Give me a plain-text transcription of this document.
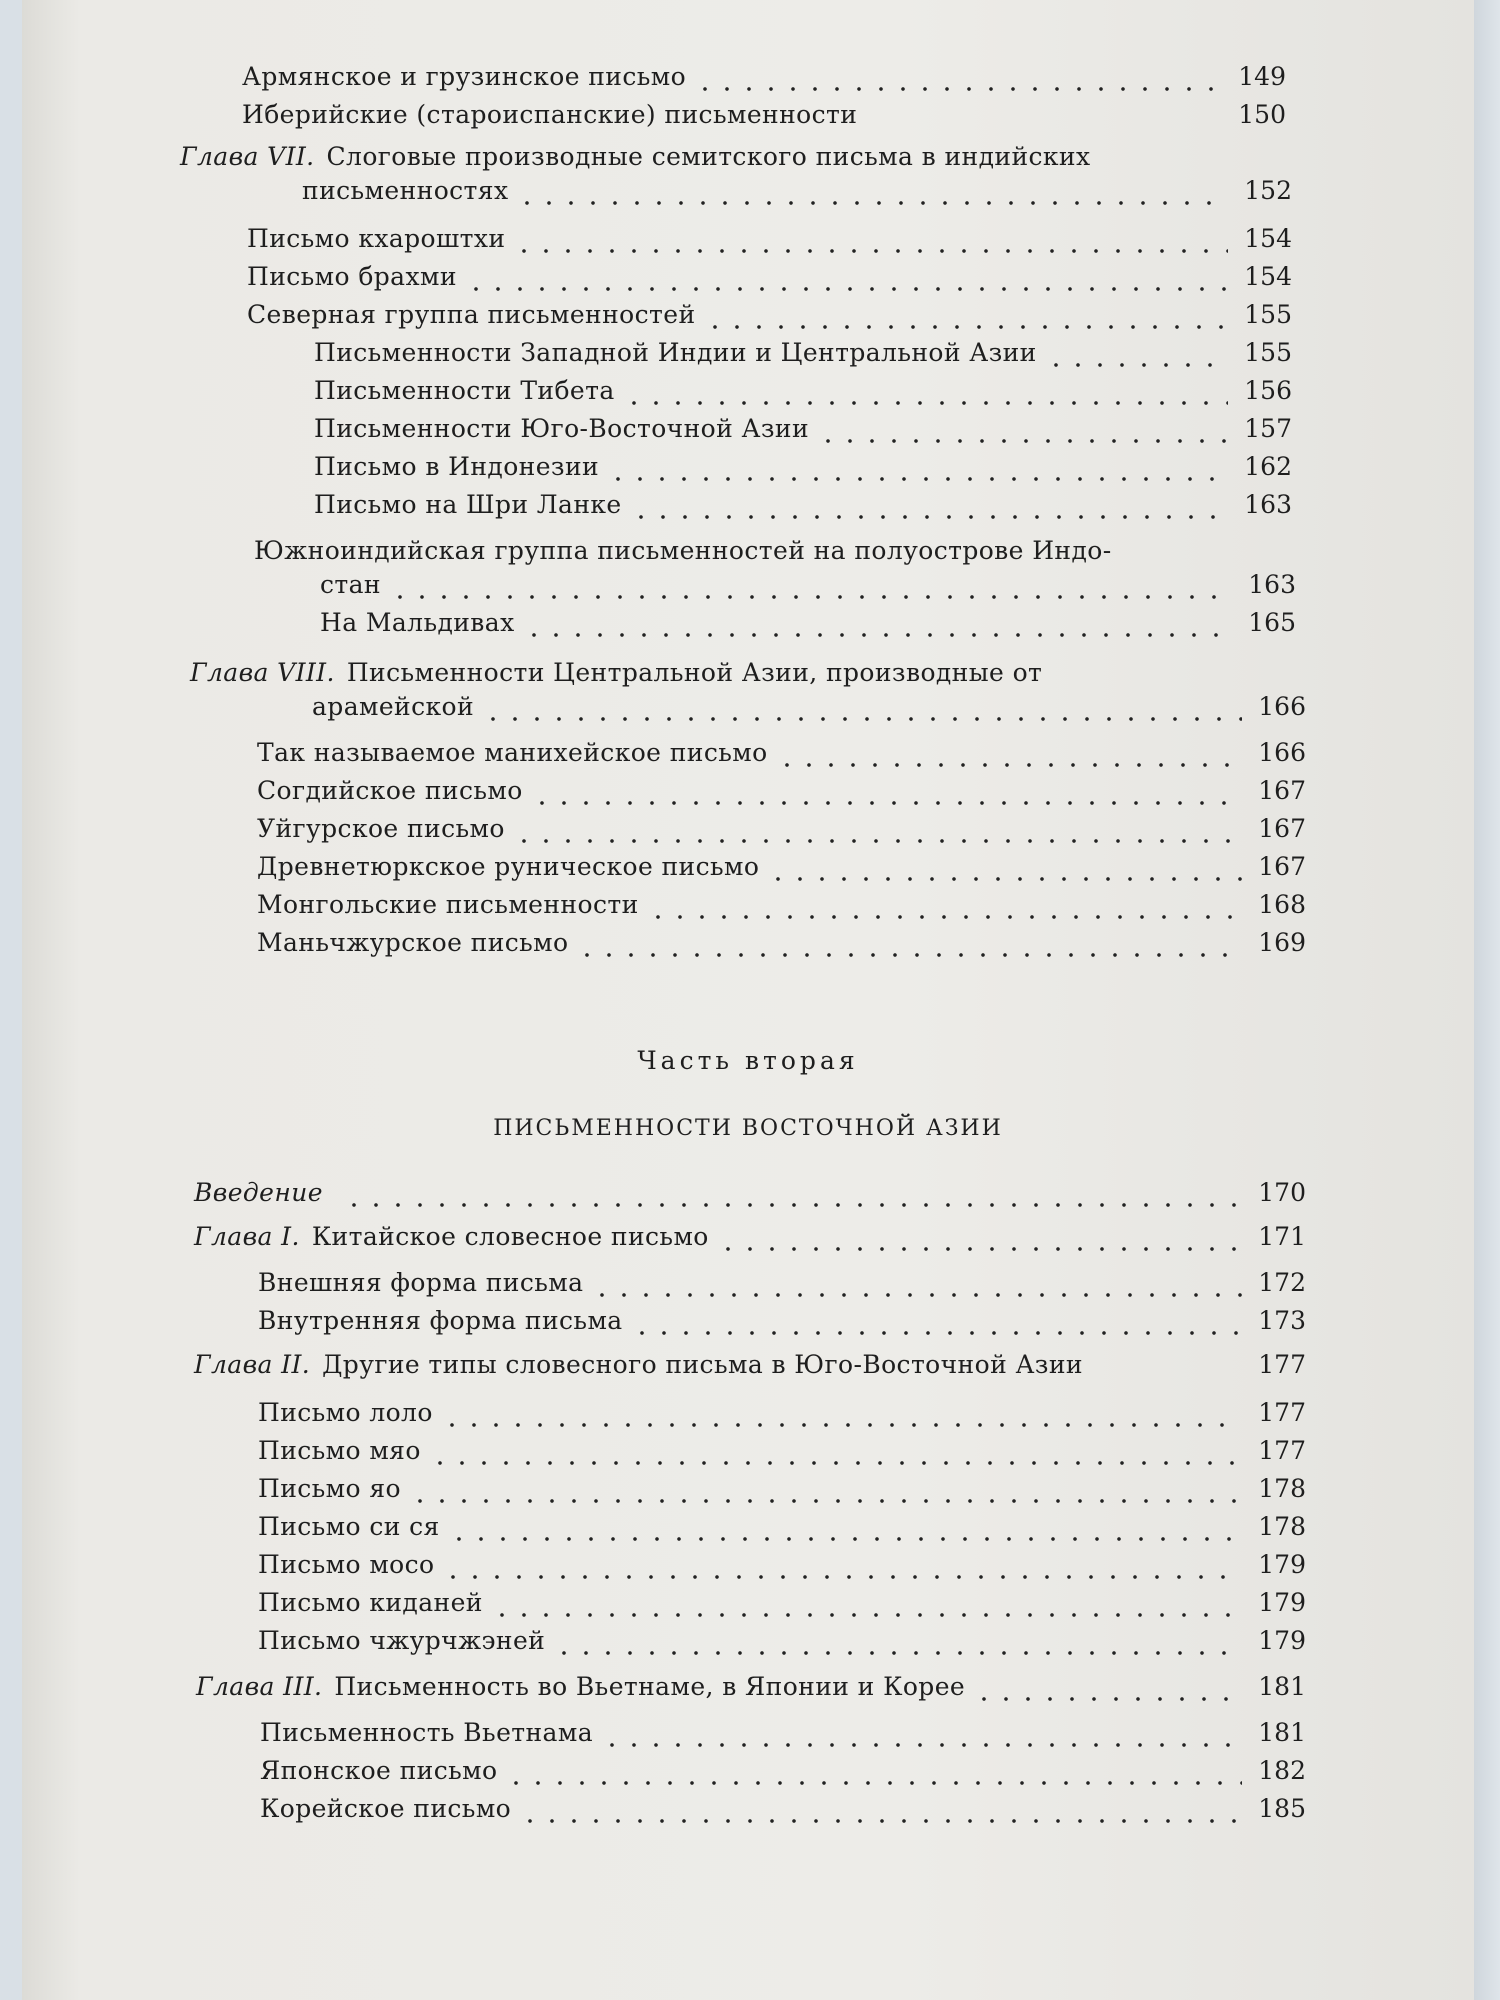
Армянское и грузинское письмо	149
Иберийские (староиспанские) письменности	150
Глава VII. Слоговые производные семитского письма в индийских
письменностях	152
Письмо кхароштхи	154
Письмо брахми	154
Северная группа письменностей	155
Письменности Западной Индии и Центральной Азии	155
Письменности Тибета	156
Письменности Юго-Восточной Азии	157
Письмо в Индонезии	162
Письмо на Шри Ланке	163
Южноиндийская группа письменностей на полуострове Индо-
стан	163
На Мальдивах	165
Глава VIII. Письменности Центральной Азии, производные от
арамейской	166
Так называемое манихейское письмо	166
Согдийское письмо	167
Уйгурское письмо	167
Древнетюркское руническое письмо	167
Монгольские письменности	168
Маньчжурское письмо	169
Часть вторая
ПИСЬМЕННОСТИ ВОСТОЧНОЙ АЗИИ
Введение	170
Глава I. Китайское словесное письмо	171
Внешняя форма письма	172
Внутренняя форма письма	173
Глава II. Другие типы словесного письма в Юго-Восточной Азии	177
Письмо лоло	177
Письмо мяо	177
Письмо яо	178
Письмо си ся	178
Письмо мосо	179
Письмо киданей	179
Письмо чжурчжэней	179
Глава III. Письменность во Вьетнаме, в Японии и Корее	181
Письменность Вьетнама	181
Японское письмо	182
Корейское письмо	185
